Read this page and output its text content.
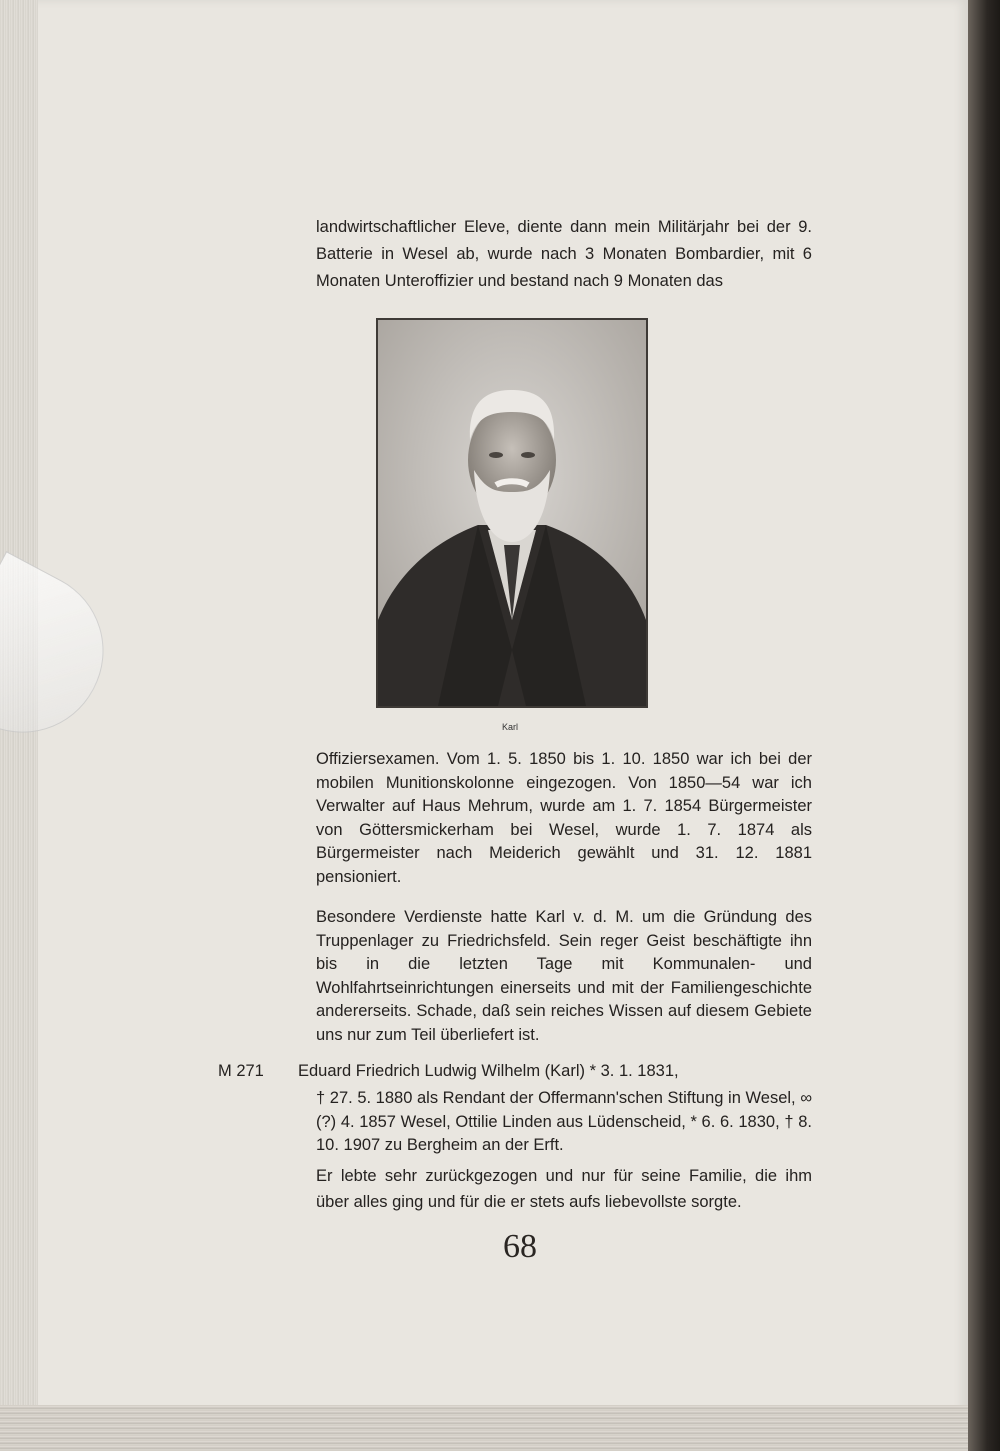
landwirtschaftlicher Eleve, diente dann mein Militärjahr bei der 9. Batterie in Wesel ab, wurde nach 3 Monaten Bombardier, mit 6 Monaten Unteroffizier und bestand nach 9 Monaten das
Karl
Offiziersexamen. Vom 1. 5. 1850 bis 1. 10. 1850 war ich bei der mobilen Munitionskolonne eingezogen. Von 1850—54 war ich Verwalter auf Haus Mehrum, wurde am 1. 7. 1854 Bürgermeister von Göttersmickerham bei Wesel, wurde 1. 7. 1874 als Bürgermeister nach Meiderich gewählt und 31. 12. 1881 pensioniert.
Besondere Verdienste hatte Karl v. d. M. um die Gründung des Truppenlager zu Friedrichsfeld. Sein reger Geist beschäftigte ihn bis in die letzten Tage mit Kommunalen- und Wohlfahrtseinrichtungen einerseits und mit der Familiengeschichte andererseits. Schade, daß sein reiches Wissen auf diesem Gebiete uns nur zum Teil überliefert ist.
M 271 Eduard Friedrich Ludwig Wilhelm (Karl) * 3. 1. 1831,
† 27. 5. 1880 als Rendant der Offermann'schen Stiftung in Wesel, ∞ (?) 4. 1857 Wesel, Ottilie Linden aus Lüdenscheid, * 6. 6. 1830, † 8. 10. 1907 zu Bergheim an der Erft.
Er lebte sehr zurückgezogen und nur für seine Familie, die ihm über alles ging und für die er stets aufs liebevollste sorgte.
68
